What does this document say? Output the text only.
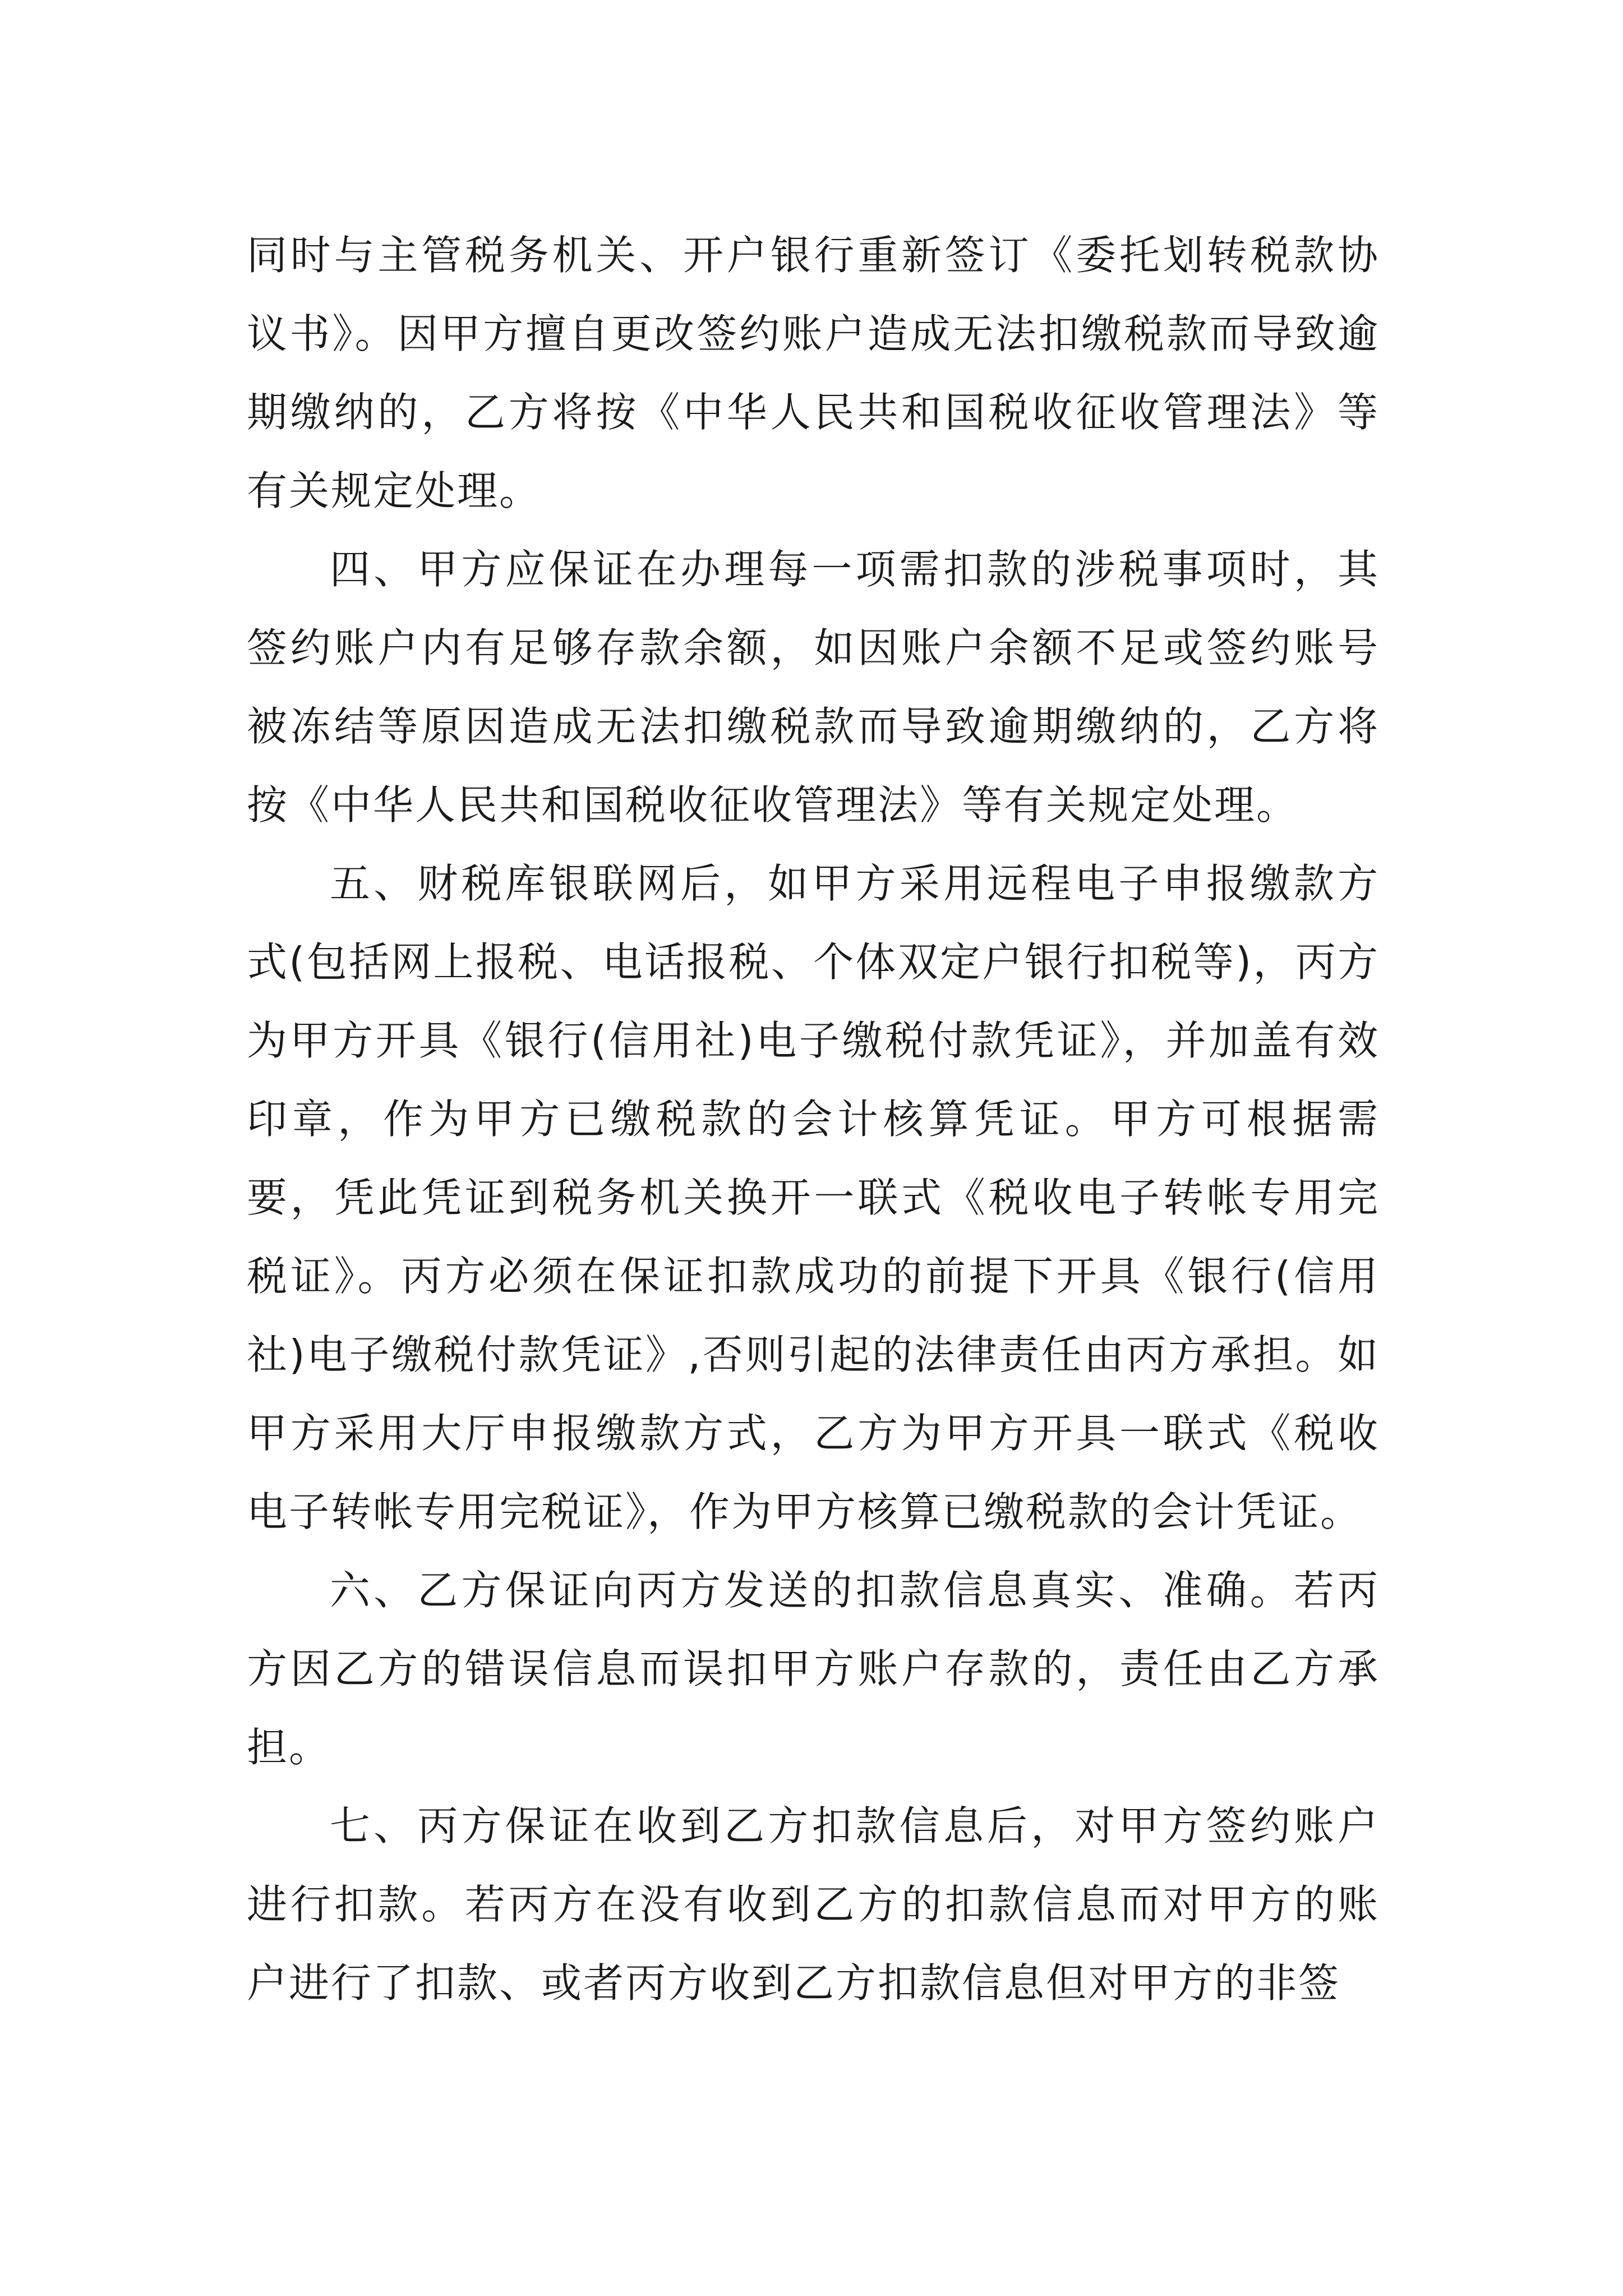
同时与主管税务机关、开户银行重新签订《委托划转税款协议书》。因甲方擅自更改签约账户造成无法扣缴税款而导致逾期缴纳的，乙方将按《中华人民共和国税收征收管理法》等有关规定处理。

四、甲方应保证在办理每一项需扣款的涉税事项时，其签约账户内有足够存款余额，如因账户余额不足或签约账号被冻结等原因造成无法扣缴税款而导致逾期缴纳的，乙方将按《中华人民共和国税收征收管理法》等有关规定处理。

五、财税库银联网后，如甲方采用远程电子申报缴款方式(包括网上报税、电话报税、个体双定户银行扣税等)，丙方为甲方开具《银行(信用社)电子缴税付款凭证》，并加盖有效印章，作为甲方已缴税款的会计核算凭证。甲方可根据需要，凭此凭证到税务机关换开一联式《税收电子转帐专用完税证》。丙方必须在保证扣款成功的前提下开具《银行(信用社)电子缴税付款凭证》,否则引起的法律责任由丙方承担。如甲方采用大厅申报缴款方式，乙方为甲方开具一联式《税收电子转帐专用完税证》，作为甲方核算已缴税款的会计凭证。

六、乙方保证向丙方发送的扣款信息真实、准确。若丙方因乙方的错误信息而误扣甲方账户存款的，责任由乙方承担。

七、丙方保证在收到乙方扣款信息后，对甲方签约账户进行扣款。若丙方在没有收到乙方的扣款信息而对甲方的账户进行了扣款、或者丙方收到乙方扣款信息但对甲方的非签
